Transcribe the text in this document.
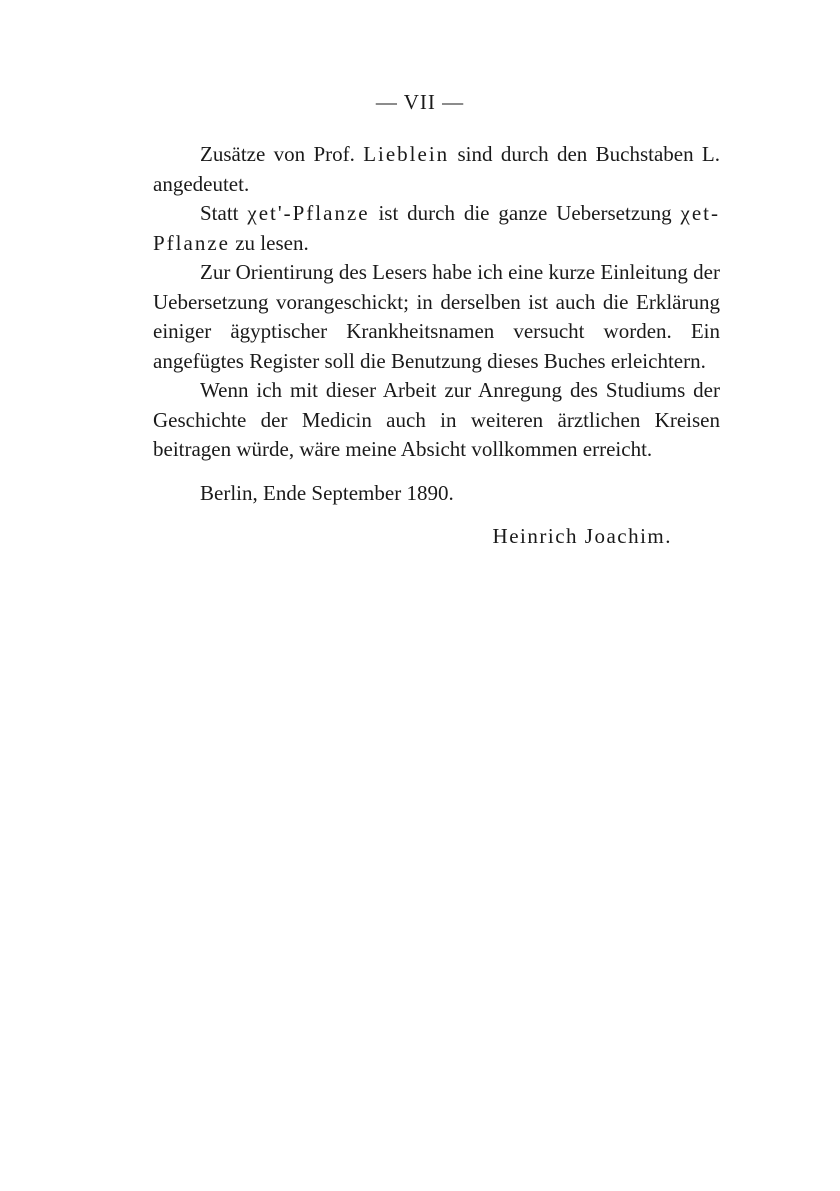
— VII —

Zusätze von Prof. Lieblein sind durch den Buchstaben L. angedeutet.

Statt χet'-Pflanze ist durch die ganze Uebersetzung χet-Pflanze zu lesen.

Zur Orientirung des Lesers habe ich eine kurze Einleitung der Uebersetzung vorangeschickt; in derselben ist auch die Erklärung einiger ägyptischer Krankheitsnamen versucht worden. Ein angefügtes Register soll die Benutzung dieses Buches erleichtern.

Wenn ich mit dieser Arbeit zur Anregung des Studiums der Geschichte der Medicin auch in weiteren ärztlichen Kreisen beitragen würde, wäre meine Absicht vollkommen erreicht.

Berlin, Ende September 1890.

Heinrich Joachim.
